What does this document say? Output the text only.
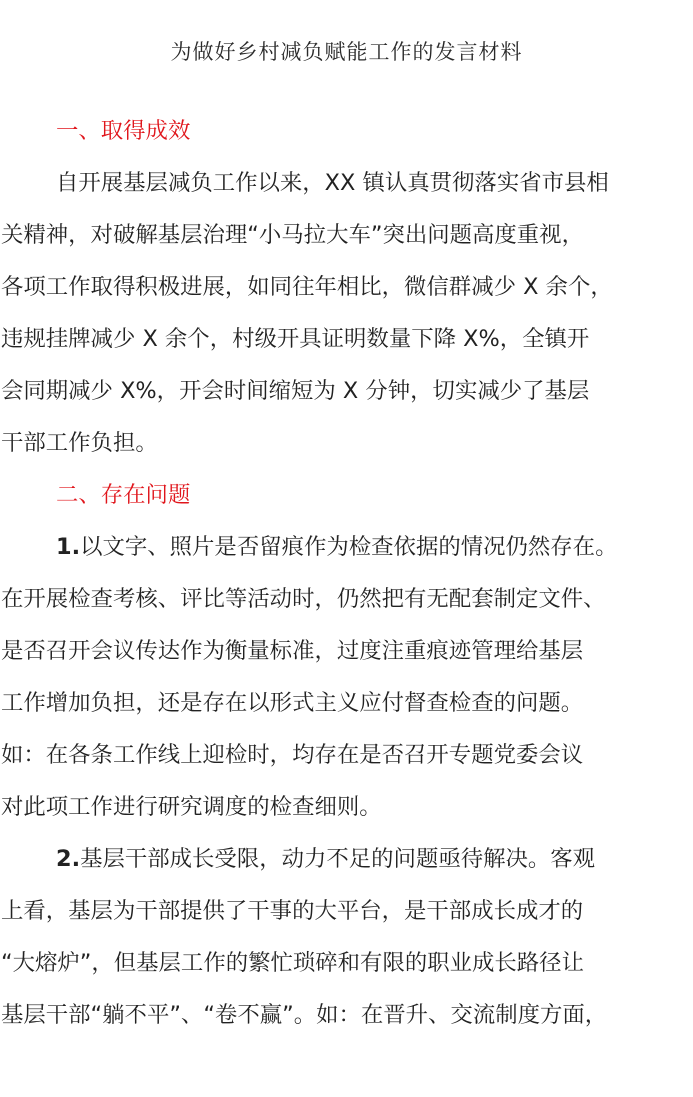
为做好乡村减负赋能工作的发言材料
一、取得成效
自开展基层减负工作以来，XX 镇认真贯彻落实省市县相
关精神，对破解基层治理“小马拉大车”突出问题高度重视，
各项工作取得积极进展，如同往年相比，微信群减少 X 余个，
违规挂牌减少 X 余个，村级开具证明数量下降 X%，全镇开
会同期减少 X%，开会时间缩短为 X 分钟，切实减少了基层
干部工作负担。
二、存在问题
1.以文字、照片是否留痕作为检查依据的情况仍然存在。
在开展检查考核、评比等活动时，仍然把有无配套制定文件、
是否召开会议传达作为衡量标准，过度注重痕迹管理给基层
工作增加负担，还是存在以形式主义应付督查检查的问题。
如：在各条工作线上迎检时，均存在是否召开专题党委会议
对此项工作进行研究调度的检查细则。
2.基层干部成长受限，动力不足的问题亟待解决。客观
上看，基层为干部提供了干事的大平台，是干部成长成才的
“大熔炉”，但基层工作的繁忙琐碎和有限的职业成长路径让
基层干部“躺不平”、“卷不赢”。如：在晋升、交流制度方面，
